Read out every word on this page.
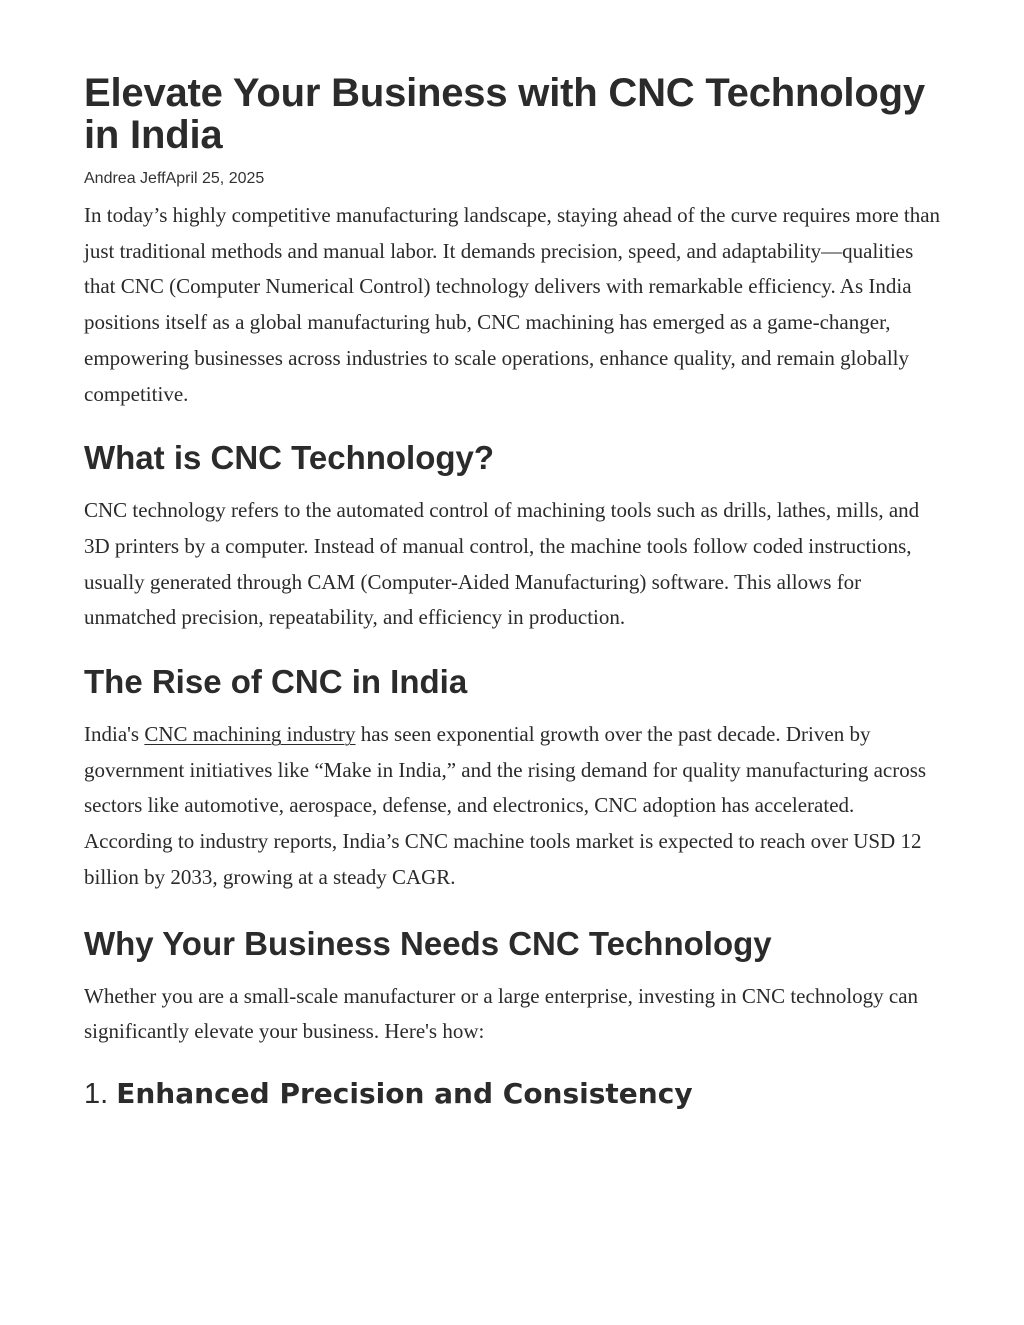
Elevate Your Business with CNC Technology in India
Andrea JeffApril 25, 2025

In today’s highly competitive manufacturing landscape, staying ahead of the curve requires more than just traditional methods and manual labor. It demands precision, speed, and adaptability—qualities that CNC (Computer Numerical Control) technology delivers with remarkable efficiency. As India positions itself as a global manufacturing hub, CNC machining has emerged as a game-changer, empowering businesses across industries to scale operations, enhance quality, and remain globally competitive.

What is CNC Technology?

CNC technology refers to the automated control of machining tools such as drills, lathes, mills, and 3D printers by a computer. Instead of manual control, the machine tools follow coded instructions, usually generated through CAM (Computer-Aided Manufacturing) software. This allows for unmatched precision, repeatability, and efficiency in production.

The Rise of CNC in India

India's CNC machining industry has seen exponential growth over the past decade. Driven by government initiatives like “Make in India,” and the rising demand for quality manufacturing across sectors like automotive, aerospace, defense, and electronics, CNC adoption has accelerated. According to industry reports, India’s CNC machine tools market is expected to reach over USD 12 billion by 2033, growing at a steady CAGR.

Why Your Business Needs CNC Technology

Whether you are a small-scale manufacturer or a large enterprise, investing in CNC technology can significantly elevate your business. Here's how:

1. Enhanced Precision and Consistency
